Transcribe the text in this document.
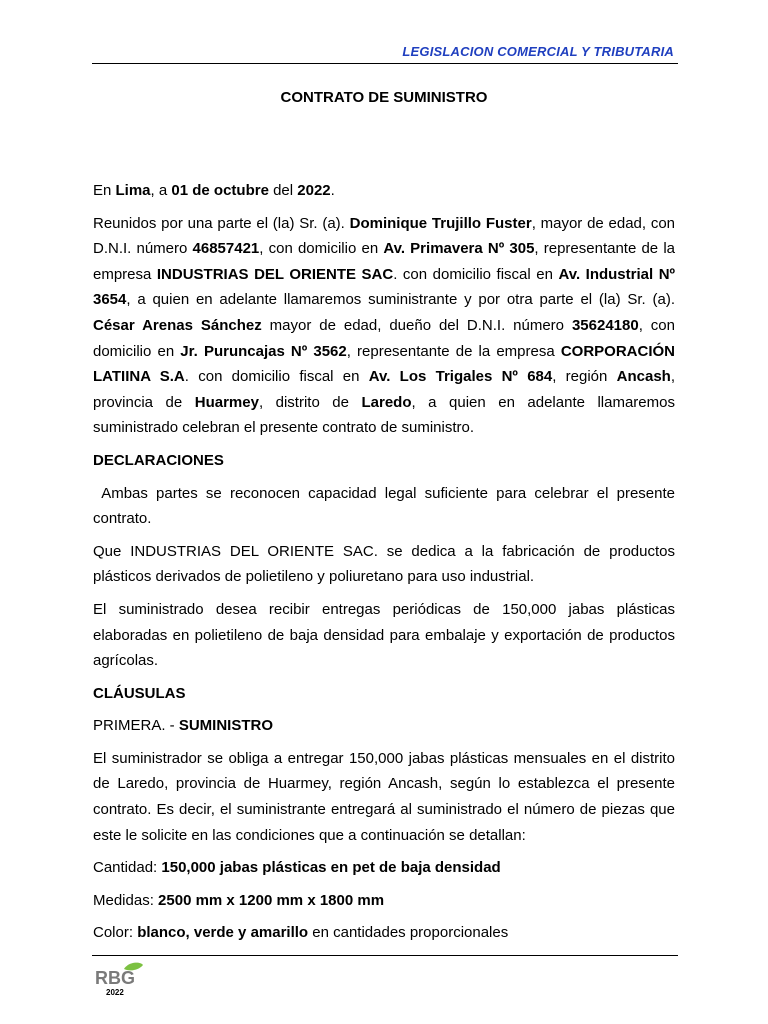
LEGISLACION COMERCIAL Y TRIBUTARIA
CONTRATO DE SUMINISTRO

En Lima, a 01 de octubre del 2022.

Reunidos por una parte el (la) Sr. (a). Dominique Trujillo Fuster, mayor de edad, con D.N.I. número 46857421, con domicilio en Av. Primavera Nº 305, representante de la empresa INDUSTRIAS DEL ORIENTE SAC. con domicilio fiscal en Av. Industrial Nº 3654, a quien en adelante llamaremos suministrante y por otra parte el (la) Sr. (a). César Arenas Sánchez mayor de edad, dueño del D.N.I. número 35624180, con domicilio en Jr. Puruncajas Nº 3562, representante de la empresa CORPORACIÓN LATIINA S.A. con domicilio fiscal en Av. Los Trigales Nº 684, región Ancash, provincia de Huarmey, distrito de Laredo, a quien en adelante llamaremos suministrado celebran el presente contrato de suministro.

DECLARACIONES

Ambas partes se reconocen capacidad legal suficiente para celebrar el presente contrato.

Que INDUSTRIAS DEL ORIENTE SAC. se dedica a la fabricación de productos plásticos derivados de polietileno y poliuretano para uso industrial.

El suministrado desea recibir entregas periódicas de 150,000 jabas plásticas elaboradas en polietileno de baja densidad para embalaje y exportación de productos agrícolas.

CLÁUSULAS

PRIMERA. - SUMINISTRO

El suministrador se obliga a entregar 150,000 jabas plásticas mensuales en el distrito de Laredo, provincia de Huarmey, región Ancash, según lo establezca el presente contrato. Es decir, el suministrante entregará al suministrado el número de piezas que este le solicite en las condiciones que a continuación se detallan:

Cantidad: 150,000 jabas plásticas en pet de baja densidad

Medidas: 2500 mm x 1200 mm x 1800 mm

Color: blanco, verde y amarillo en cantidades proporcionales

RBG
2022
